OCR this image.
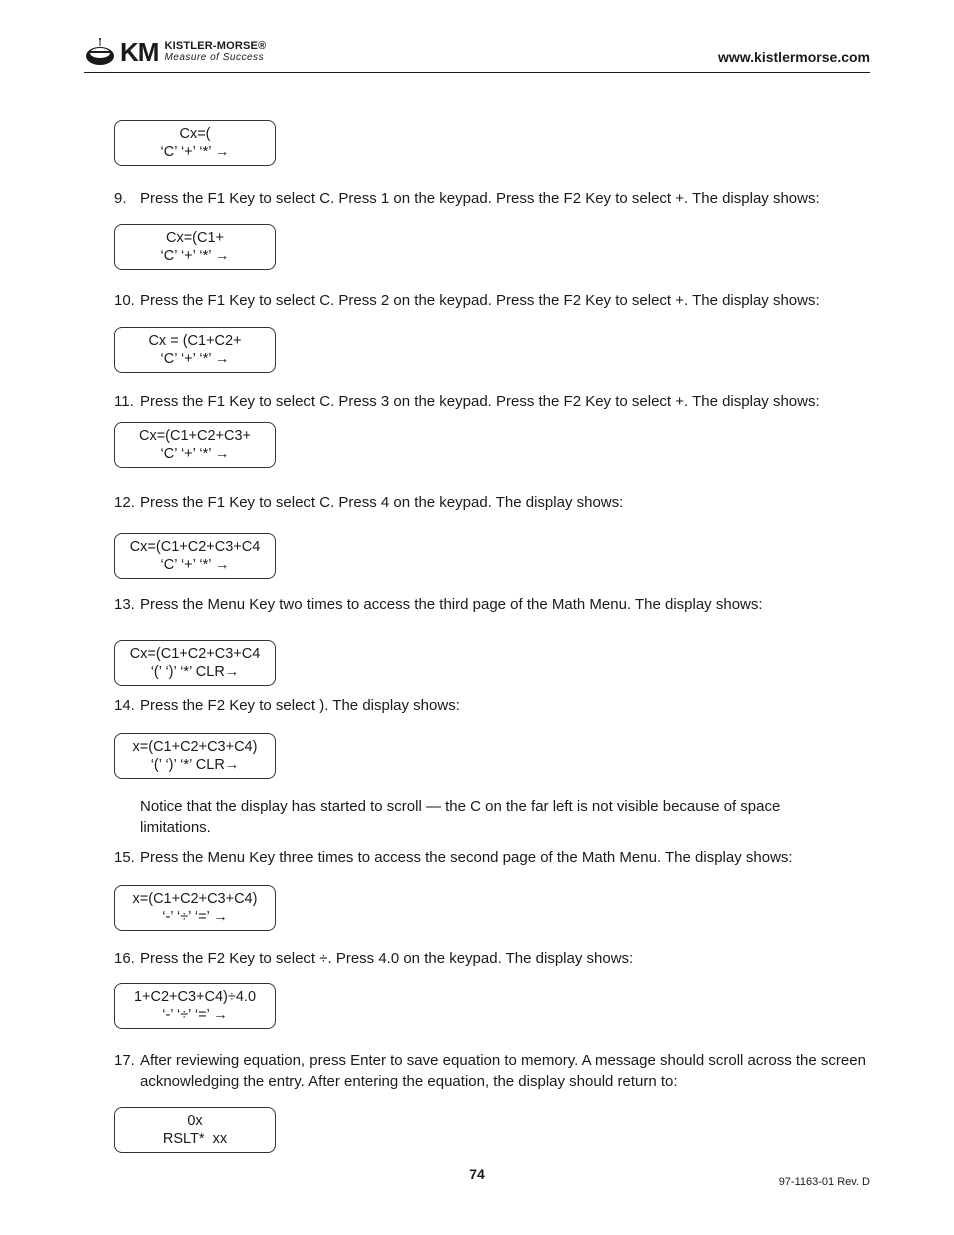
KM KISTLER-MORSE®
Measure of Success	www.kistlermorse.com
Cx=(
‘C’ ‘+’ ‘*’ →
9. Press the F1 Key to select C. Press 1 on the keypad. Press the F2 Key to select +. The display shows:
Cx=(C1+
‘C’ ‘+’ ‘*’ →
10. Press the F1 Key to select C. Press 2 on the keypad. Press the F2 Key to select +. The display shows:
Cx = (C1+C2+
‘C’ ‘+’ ‘*’ →
11. Press the F1 Key to select C. Press 3 on the keypad. Press the F2 Key to select +. The display shows:
Cx=(C1+C2+C3+
‘C’ ‘+’ ‘*’ →
12. Press the F1 Key to select C. Press 4 on the keypad. The display shows:
Cx=(C1+C2+C3+C4
‘C’ ‘+’ ‘*’ →
13. Press the Menu Key two times to access the third page of the Math Menu. The display shows:
Cx=(C1+C2+C3+C4
‘(’ ‘)’ ‘*’ CLR→
14. Press the F2 Key to select ). The display shows:
x=(C1+C2+C3+C4)
‘(’ ‘)’ ‘*’ CLR→
Notice that the display has started to scroll — the C on the far left is not visible because of space limitations.
15. Press the Menu Key three times to access the second page of the Math Menu. The display shows:
x=(C1+C2+C3+C4)
‘-’ ‘÷’ ‘=’ →
16. Press the F2 Key to select ÷. Press 4.0 on the keypad. The display shows:
1+C2+C3+C4)÷4.0
‘-’ ‘÷’ ‘=’ →
17. After reviewing equation, press Enter to save equation to memory. A message should scroll across the screen acknowledging the entry. After entering the equation, the display should return to:
0x
RSLT*  xx
74	97-1163-01 Rev. D
